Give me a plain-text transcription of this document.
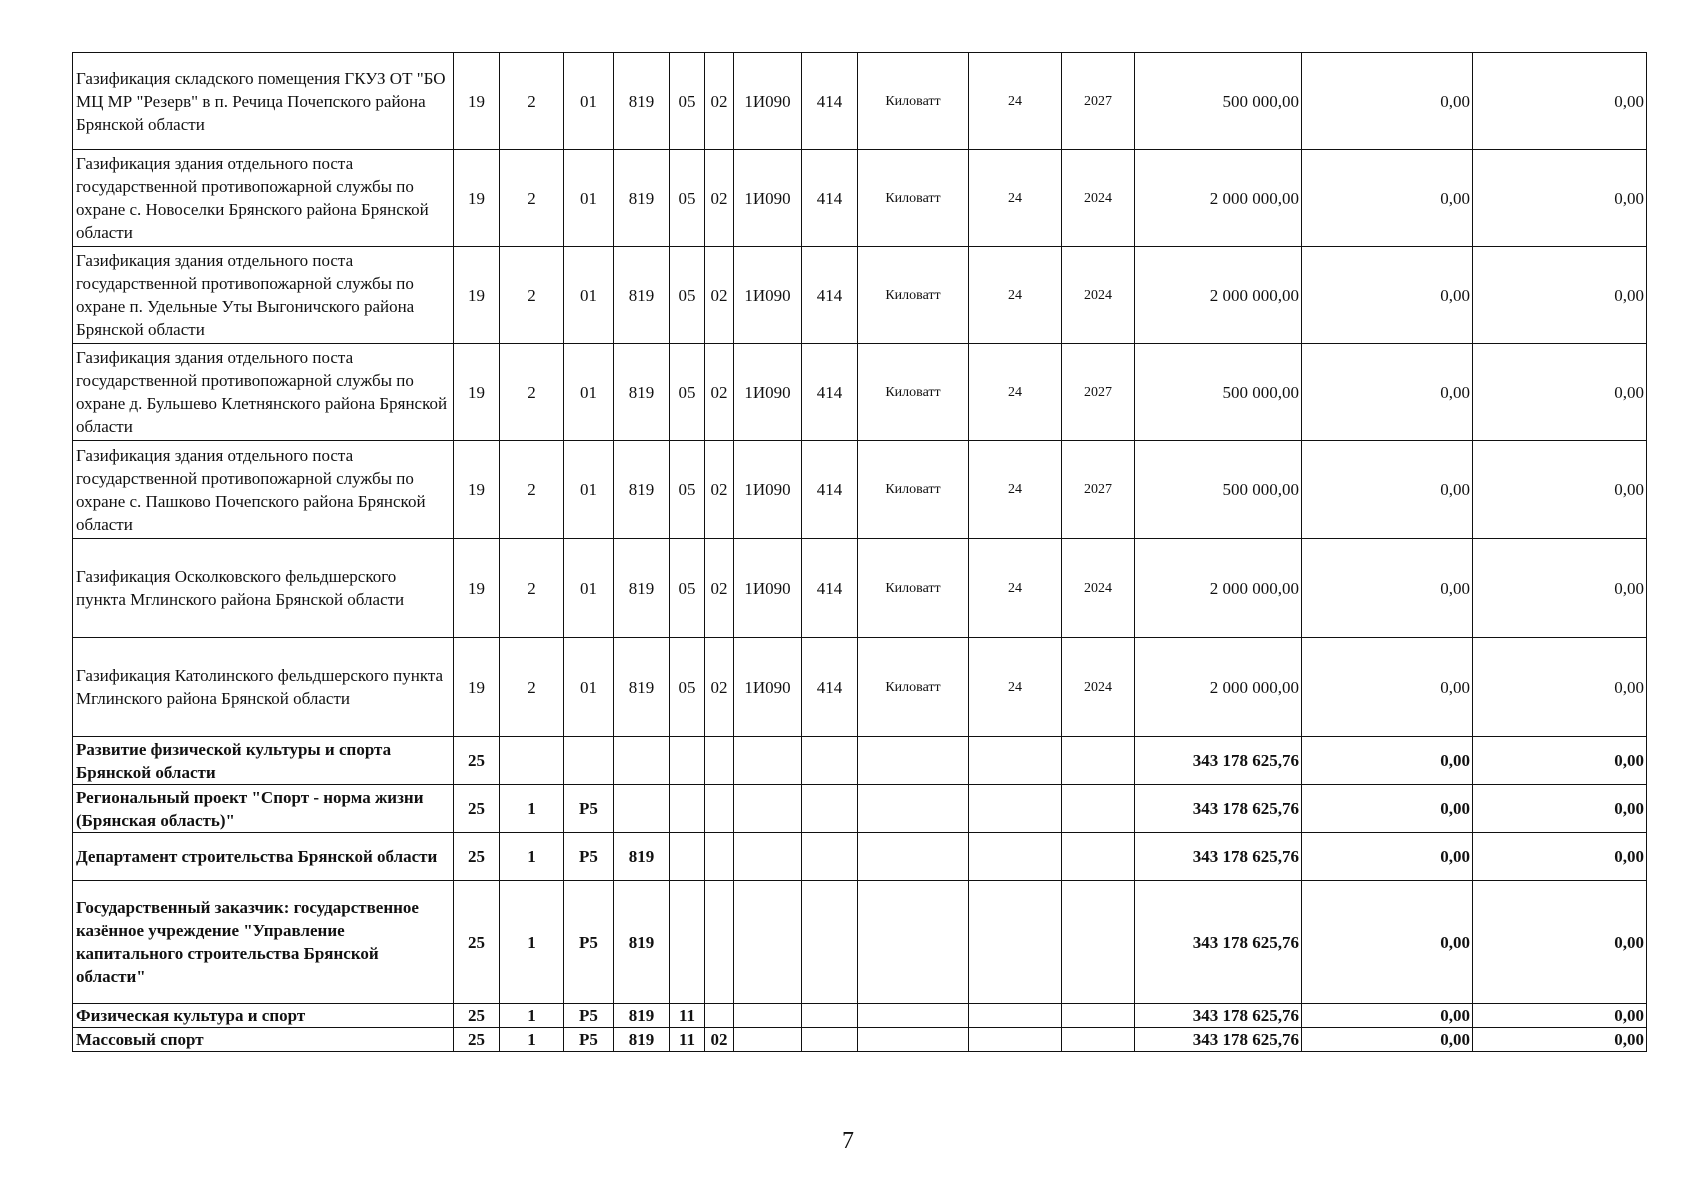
Газификация складского помещения ГКУЗ ОТ "БО МЦ МР "Резерв" в п. Речица Почепского района Брянской области	19	2	01	819	05	02	1И090	414	Киловатт	24	2027	500 000,00	0,00	0,00
Газификация здания отдельного поста государственной противопожарной службы по охране с. Новоселки Брянского района Брянской области	19	2	01	819	05	02	1И090	414	Киловатт	24	2024	2 000 000,00	0,00	0,00
Газификация здания отдельного поста государственной противопожарной службы по охране п. Удельные Уты Выгоничского района Брянской области	19	2	01	819	05	02	1И090	414	Киловатт	24	2024	2 000 000,00	0,00	0,00
Газификация здания отдельного поста государственной противопожарной службы по охране д. Бульшево Клетнянского района Брянской области	19	2	01	819	05	02	1И090	414	Киловатт	24	2027	500 000,00	0,00	0,00
Газификация здания отдельного поста государственной противопожарной службы по охране с. Пашково Почепского района Брянской области	19	2	01	819	05	02	1И090	414	Киловатт	24	2027	500 000,00	0,00	0,00
Газификация Осколковского фельдшерского пункта Мглинского района Брянской области	19	2	01	819	05	02	1И090	414	Киловатт	24	2024	2 000 000,00	0,00	0,00
Газификация Католинского фельдшерского пункта Мглинского района Брянской области	19	2	01	819	05	02	1И090	414	Киловатт	24	2024	2 000 000,00	0,00	0,00
Развитие физической культуры и спорта Брянской области	25											343 178 625,76	0,00	0,00
Региональный проект "Спорт - норма жизни (Брянская область)"	25	1	Р5									343 178 625,76	0,00	0,00
Департамент строительства Брянской области	25	1	Р5	819								343 178 625,76	0,00	0,00
Государственный заказчик: государственное казённое учреждение "Управление капитального строительства Брянской области"	25	1	Р5	819								343 178 625,76	0,00	0,00
Физическая культура и спорт	25	1	Р5	819	11							343 178 625,76	0,00	0,00
Массовый спорт	25	1	Р5	819	11	02						343 178 625,76	0,00	0,00
7
